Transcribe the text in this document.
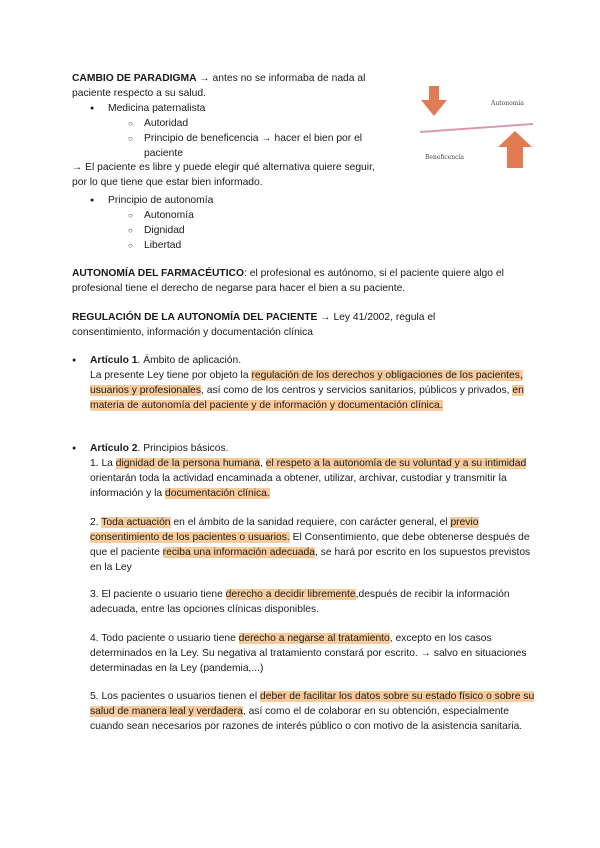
CAMBIO DE PARADIGMA → antes no se informaba de nada al paciente respecto a su salud.

● Medicina paternalista
○ Autoridad
○ Principio de beneficencia → hacer el bien por el paciente
→ El paciente es libre y puede elegir qué alternativa quiere seguir, por lo que tiene que estar bien informado.
● Principio de autonomía
○ Autonomía
○ Dignidad
○ Libertad
Autonomía
Beneficencia
AUTONOMÍA DEL FARMACÉUTICO: el profesional es autónomo, si el paciente quiere algo el profesional tiene el derecho de negarse para hacer el bien a su paciente.
REGULACIÓN DE LA AUTONOMÍA DEL PACIENTE → Ley 41/2002, regula el consentimiento, información y documentación clínica
● Artículo 1. Ámbito de aplicación.

La presente Ley tiene por objeto la regulación de los derechos y obligaciones de los pacientes, usuarios y profesionales, así como de los centros y servicios sanitarios, públicos y privados, en materia de autonomía del paciente y de información y documentación clínica.

● Artículo 2. Principios básicos.

1. La dignidad de la persona humana, el respeto a la autonomía de su voluntad y a su intimidad orientarán toda la actividad encaminada a obtener, utilizar, archivar, custodiar y transmitir la información y la documentación clínica.

2. Toda actuación en el ámbito de la sanidad requiere, con carácter general, el previo consentimiento de los pacientes o usuarios. El Consentimiento, que debe obtenerse después de que el paciente reciba una información adecuada, se hará por escrito en los supuestos previstos en la Ley
3. El paciente o usuario tiene derecho a decidir libremente,después de recibir la información adecuada, entre las opciones clínicas disponibles.
4. Todo paciente o usuario tiene derecho a negarse al tratamiento, excepto en los casos determinados en la Ley. Su negativa al tratamiento constará por escrito. → salvo en situaciones determinadas en la Ley (pandemia,...)
5. Los pacientes o usuarios tienen el deber de facilitar los datos sobre su estado físico o sobre su salud de manera leal y verdadera, así como el de colaborar en su obtención, especialmente cuando sean necesarios por razones de interés público o con motivo de la asistencia sanitaria.
